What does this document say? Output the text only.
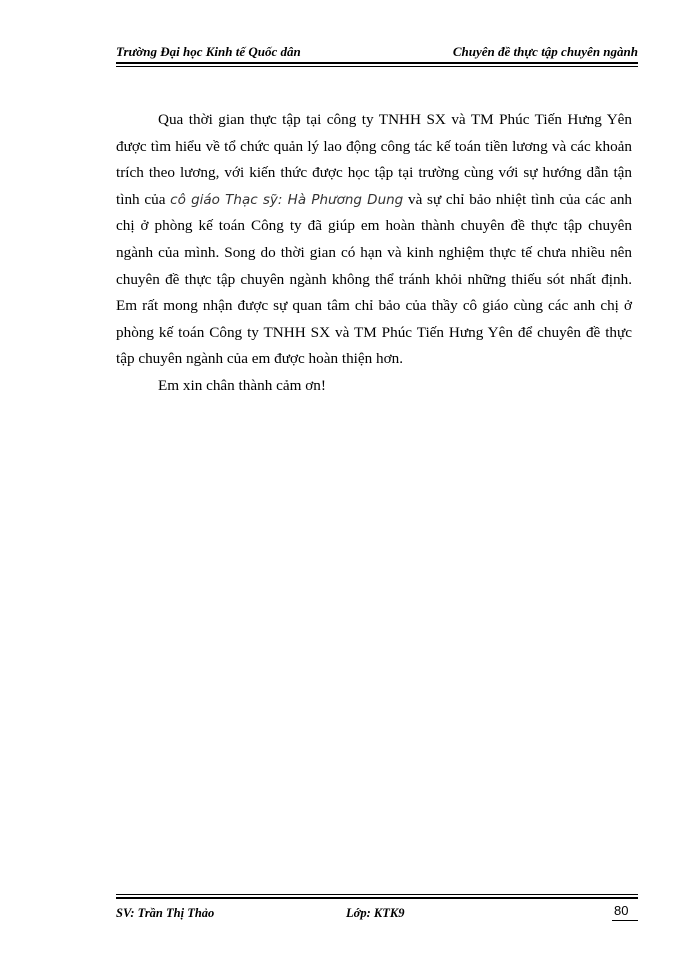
Trường Đại học Kinh tế Quốc dân	Chuyên đề thực tập chuyên ngành

Qua thời gian thực tập tại công ty TNHH SX và TM Phúc Tiến Hưng Yên được tìm hiểu về tổ chức quản lý lao động công tác kế toán tiền lương và các khoản trích theo lương, với kiến thức được học tập tại trường cùng với sự hướng dẫn tận tình của cô giáo Thạc sỹ: Hà Phương Dung và sự chỉ bảo nhiệt tình của các anh chị ở phòng kế toán Công ty đã giúp em hoàn thành chuyên đề thực tập chuyên ngành của mình. Song do thời gian có hạn và kinh nghiệm thực tế chưa nhiều nên chuyên đề thực tập chuyên ngành không thể tránh khỏi những thiếu sót nhất định. Em rất mong nhận được sự quan tâm chỉ bảo của thầy cô giáo cùng các anh chị ở phòng kế toán Công ty TNHH SX và TM Phúc Tiến Hưng Yên để chuyên đề thực tập chuyên ngành của em được hoàn thiện hơn.

Em xin chân thành cảm ơn!

SV: Trần Thị Thảo	Lớp: KTK9	80
